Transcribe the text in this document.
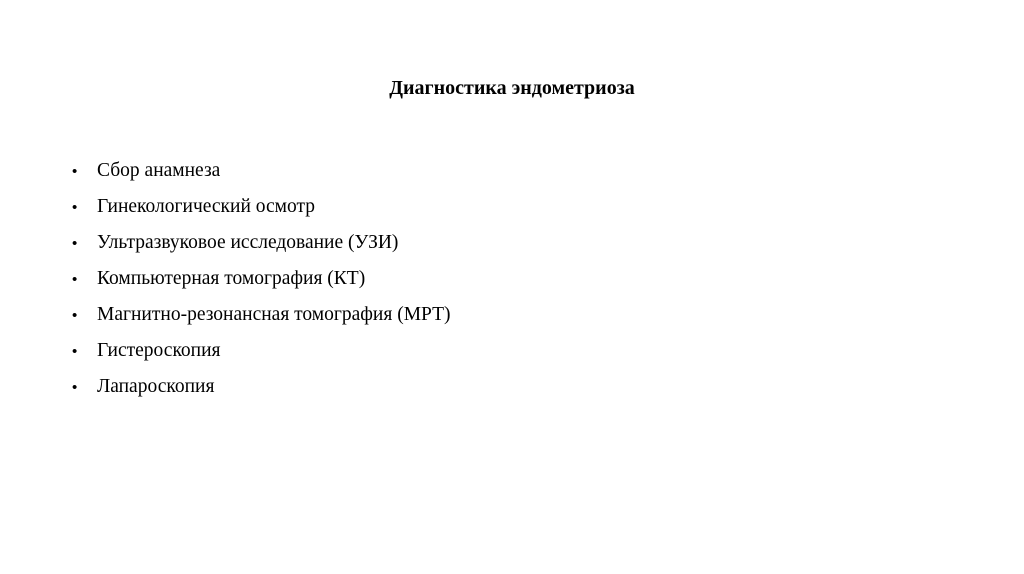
Диагностика эндометриоза
•	Сбор анамнеза
•	Гинекологический осмотр
•	Ультразвуковое исследование (УЗИ)
•	Компьютерная томография (КТ)
•	Магнитно-резонансная томография (МРТ)
•	Гистероскопия
•	Лапароскопия
